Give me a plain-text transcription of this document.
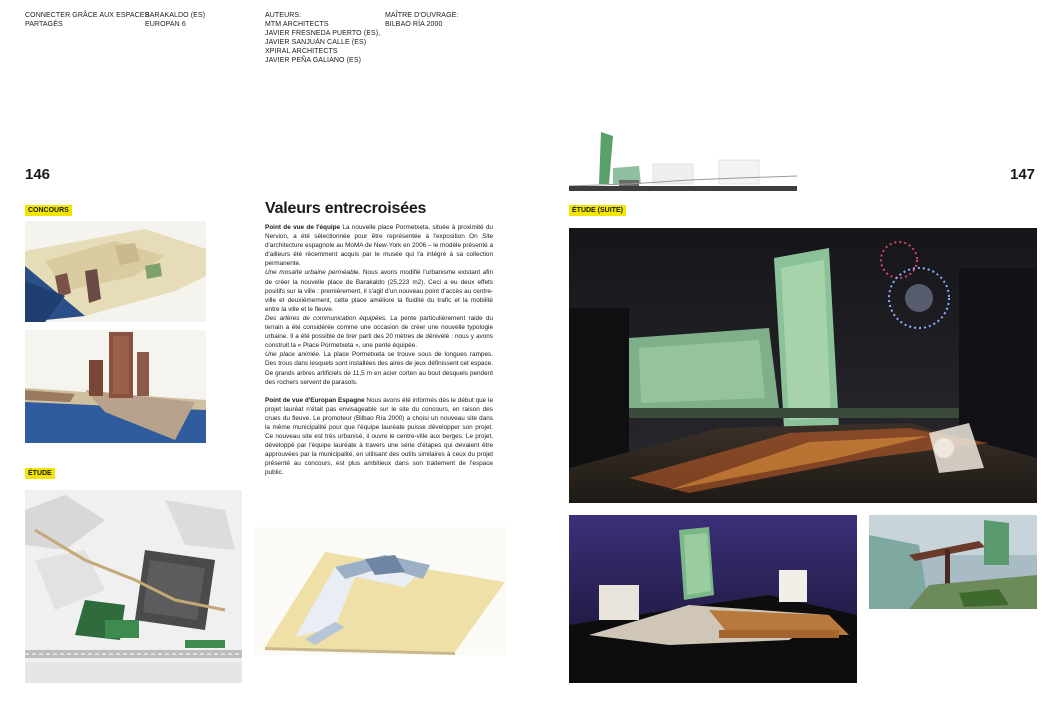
CONNECTER GRÂCE AUX ESPACES
PARTAGÉS
BARAKALDO (ES)
EUROPAN 6
AUTEURS:
MTM ARCHITECTS
JAVIER FRESNEDA PUERTO (ES),
JAVIER SANJUÁN CALLE (ES)
XPIRAL ARCHITECTS
JAVIER PEÑA GALIANO (ES)
MAÎTRE D'OUVRAGE:
BILBAO RÍA 2000
146	147
CONCOURS
ÉTUDE
ÉTUDE (SUITE)
Valeurs entrecroisées

Point de vue de l'équipe La nouvelle place Pormetxeta, située à proximité du Nervion, a été sélectionnée pour être représentée à l'exposition On Site d'architecture espagnole au MoMA de New-York en 2006 – le modèle présenté a d'ailleurs été récemment acquis par le musée qui l'a intégré à sa collection permanente.

Une mosaïte urbaine perméable. Nous avons modifié l'urbanisme existant afin de créer la nouvelle place de Barakaldo (25,223 m2). Ceci a eu deux effets positifs sur la ville : premièrement, il s'agit d'un nouveau point d'accès au centre-ville et deuxièmement, cette place améliore la fluidité du trafic et la mobilité entre la ville et le fleuve.

Des artères de communication équipées. La pente particulièrement raide du terrain a été considérée comme une occasion de créer une nouvelle typologie urbaine. Il a été possible de tirer parti des 20 mètres de dénivelé : nous y avons construit la « Place Pormetxeta », une pente équipée.

Une place animée. La place Pormetxeta se trouve sous de longues rampes. Des trous dans lesquels sont installées des aires de jeux définissent cet espace. De grands arbres artificiels de 11,5 m en acier corten au bout desquels pendent des rochers servent de parasols.

Point de vue d'Europan Espagne Nous avons été informés dès le début que le projet lauréat n'était pas envisageable sur le site du concours, en raison des crues du fleuve. Le promoteur (Bilbao Ría 2000) a choisi un nouveau site dans la même municipalité pour que l'équipe lauréate puisse développer son projet. Ce nouveau site est très urbanisé, il ouvre le centre-ville aux berges. Le projet, développé par l'équipe lauréate à travers une série d'étapes qui devaient être approuvées par la municipalité, en utilisant des outils similaires à ceux du projet présenté au concours, est plus ambitieux dans son traitement de l'espace public.
